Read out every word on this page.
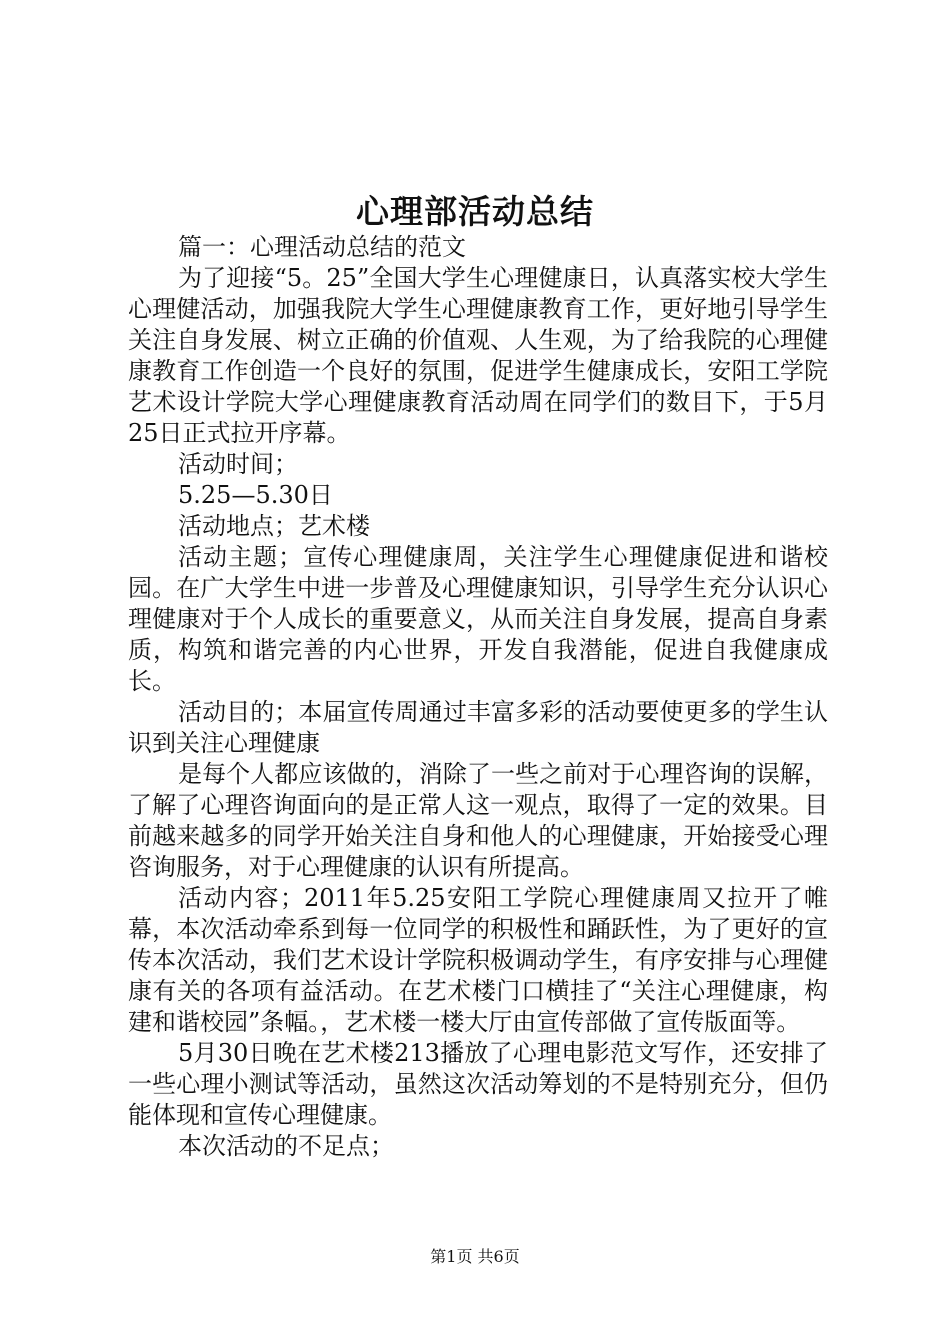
心理部活动总结

篇一：心理活动总结的范文

为了迎接“5。25”全国大学生心理健康日，认真落实校大学生心理健活动，加强我院大学生心理健康教育工作，更好地引导学生关注自身发展、树立正确的价值观、人生观，为了给我院的心理健康教育工作创造一个良好的氛围，促进学生健康成长，安阳工学院艺术设计学院大学心理健康教育活动周在同学们的数目下，于5月25日正式拉开序幕。

活动时间；

5.25—5.30日

活动地点；艺术楼

活动主题；宣传心理健康周，关注学生心理健康促进和谐校园。在广大学生中进一步普及心理健康知识，引导学生充分认识心理健康对于个人成长的重要意义，从而关注自身发展，提高自身素质，构筑和谐完善的内心世界，开发自我潜能，促进自我健康成长。

活动目的；本届宣传周通过丰富多彩的活动要使更多的学生认识到关注心理健康

是每个人都应该做的，消除了一些之前对于心理咨询的误解，了解了心理咨询面向的是正常人这一观点，取得了一定的效果。目前越来越多的同学开始关注自身和他人的心理健康，开始接受心理咨询服务，对于心理健康的认识有所提高。

活动内容；2011年5.25安阳工学院心理健康周又拉开了帷幕，本次活动牵系到每一位同学的积极性和踊跃性，为了更好的宣传本次活动，我们艺术设计学院积极调动学生，有序安排与心理健康有关的各项有益活动。在艺术楼门口横挂了“关注心理健康，构建和谐校园”条幅。，艺术楼一楼大厅由宣传部做了宣传版面等。

5月30日晚在艺术楼213播放了心理电影范文写作，还安排了一些心理小测试等活动，虽然这次活动筹划的不是特别充分，但仍能体现和宣传心理健康。

本次活动的不足点；

第1页 共6页
